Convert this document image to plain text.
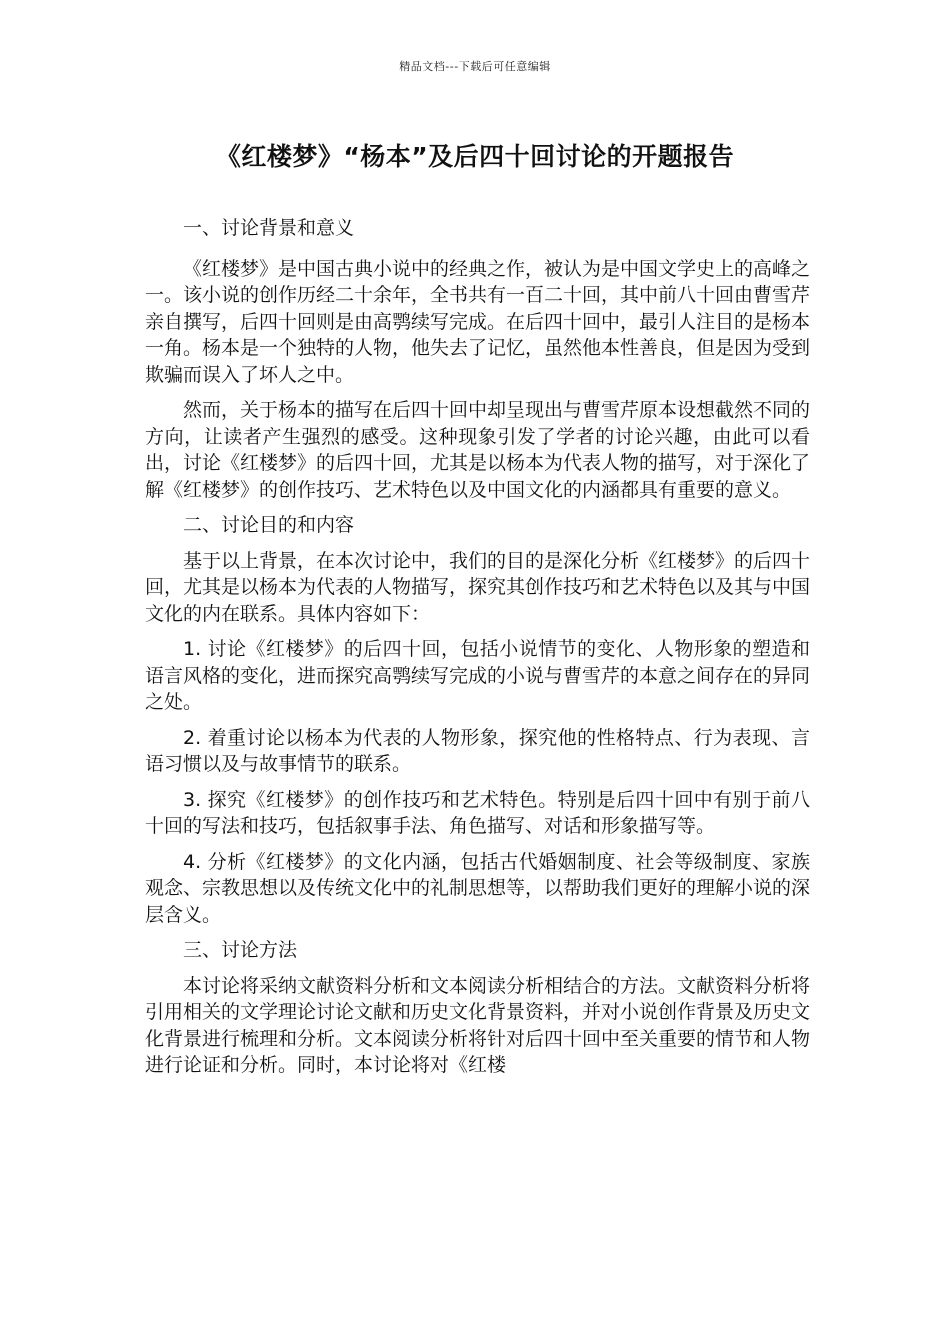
精品文档---下载后可任意编辑
《红楼梦》“杨本”及后四十回讨论的开题报告

一、讨论背景和意义

《红楼梦》是中国古典小说中的经典之作，被认为是中国文学史上的高峰之一。该小说的创作历经二十余年，全书共有一百二十回，其中前八十回由曹雪芹亲自撰写，后四十回则是由高鹗续写完成。在后四十回中，最引人注目的是杨本一角。杨本是一个独特的人物，他失去了记忆，虽然他本性善良，但是因为受到欺骗而误入了坏人之中。

然而，关于杨本的描写在后四十回中却呈现出与曹雪芹原本设想截然不同的方向，让读者产生强烈的感受。这种现象引发了学者的讨论兴趣，由此可以看出，讨论《红楼梦》的后四十回，尤其是以杨本为代表人物的描写，对于深化了解《红楼梦》的创作技巧、艺术特色以及中国文化的内涵都具有重要的意义。

二、讨论目的和内容

基于以上背景，在本次讨论中，我们的目的是深化分析《红楼梦》的后四十回，尤其是以杨本为代表的人物描写，探究其创作技巧和艺术特色以及其与中国文化的内在联系。具体内容如下：

1. 讨论《红楼梦》的后四十回，包括小说情节的变化、人物形象的塑造和语言风格的变化，进而探究高鹗续写完成的小说与曹雪芹的本意之间存在的异同之处。

2. 着重讨论以杨本为代表的人物形象，探究他的性格特点、行为表现、言语习惯以及与故事情节的联系。

3. 探究《红楼梦》的创作技巧和艺术特色。特别是后四十回中有别于前八十回的写法和技巧，包括叙事手法、角色描写、对话和形象描写等。

4. 分析《红楼梦》的文化内涵，包括古代婚姻制度、社会等级制度、家族观念、宗教思想以及传统文化中的礼制思想等，以帮助我们更好的理解小说的深层含义。

三、讨论方法

本讨论将采纳文献资料分析和文本阅读分析相结合的方法。文献资料分析将引用相关的文学理论讨论文献和历史文化背景资料，并对小说创作背景及历史文化背景进行梳理和分析。文本阅读分析将针对后四十回中至关重要的情节和人物进行论证和分析。同时，本讨论将对《红楼
